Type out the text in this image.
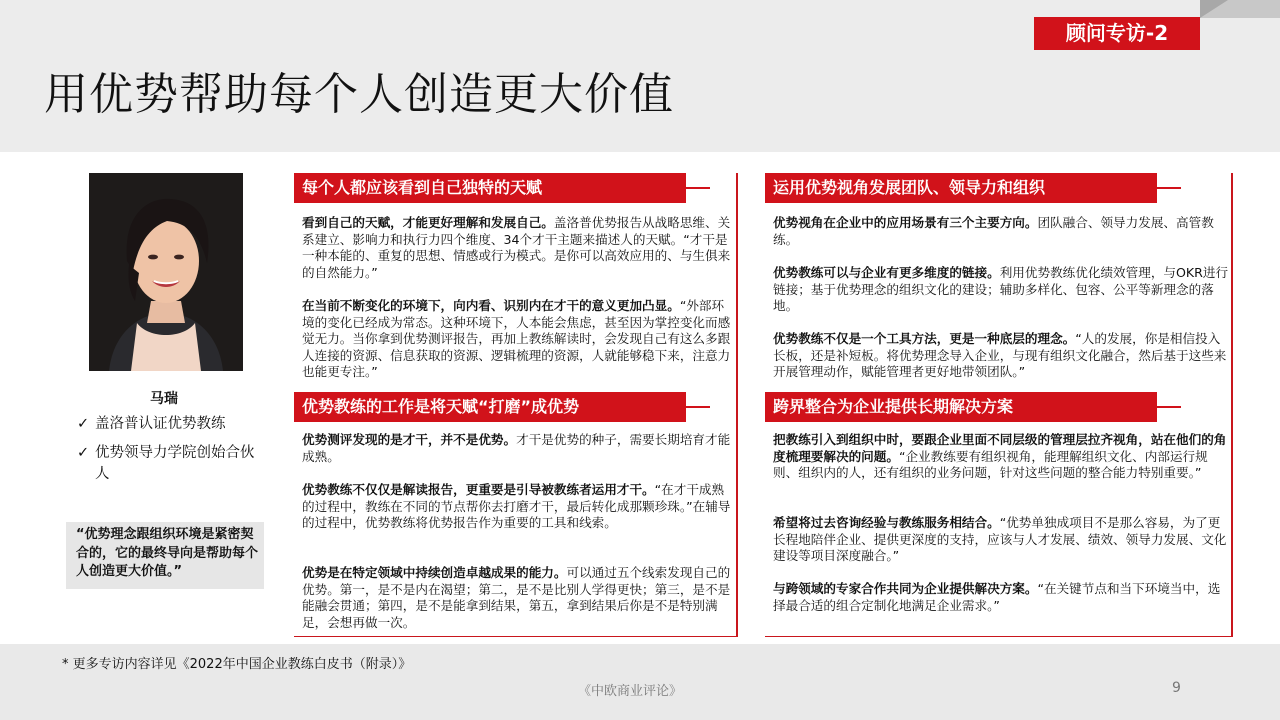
顾问专访-2
用优势帮助每个人创造更大价值
马瑞
✓ 盖洛普认证优势教练
✓ 优势领导力学院创始合伙人
“优势理念跟组织环境是紧密契合的，它的最终导向是帮助每个人创造更大价值。”
每个人都应该看到自己独特的天赋
看到自己的天赋，才能更好理解和发展自己。盖洛普优势报告从战略思维、关系建立、影响力和执行力四个维度、34个才干主题来描述人的天赋。“才干是一种本能的、重复的思想、情感或行为模式。是你可以高效应用的、与生俱来的自然能力。”
在当前不断变化的环境下，向内看、识别内在才干的意义更加凸显。“外部环境的变化已经成为常态。这种环境下，人本能会焦虑，甚至因为掌控变化而感觉无力。当你拿到优势测评报告，再加上教练解读时，会发现自己有这么多跟人连接的资源、信息获取的资源、逻辑梳理的资源，人就能够稳下来，注意力也能更专注。”
优势教练的工作是将天赋“打磨”成优势
优势测评发现的是才干，并不是优势。才干是优势的种子，需要长期培育才能成熟。
优势教练不仅仅是解读报告，更重要是引导被教练者运用才干。“在才干成熟的过程中，教练在不同的节点帮你去打磨才干，最后转化成那颗珍珠。”在辅导的过程中，优势教练将优势报告作为重要的工具和线索。
优势是在特定领域中持续创造卓越成果的能力。可以通过五个线索发现自己的优势。第一，是不是内在渴望；第二，是不是比别人学得更快；第三，是不是能融会贯通；第四，是不是能拿到结果，第五，拿到结果后你是不是特别满足，会想再做一次。
运用优势视角发展团队、领导力和组织
优势视角在企业中的应用场景有三个主要方向。团队融合、领导力发展、高管教练。
优势教练可以与企业有更多维度的链接。利用优势教练优化绩效管理，与OKR进行链接；基于优势理念的组织文化的建设；辅助多样化、包容、公平等新理念的落地。
优势教练不仅是一个工具方法，更是一种底层的理念。“人的发展，你是相信投入长板，还是补短板。将优势理念导入企业，与现有组织文化融合，然后基于这些来开展管理动作，赋能管理者更好地带领团队。”
跨界整合为企业提供长期解决方案
把教练引入到组织中时，要跟企业里面不同层级的管理层拉齐视角，站在他们的角度梳理要解决的问题。“企业教练要有组织视角，能理解组织文化、内部运行规则、组织内的人，还有组织的业务问题，针对这些问题的整合能力特别重要。”
希望将过去咨询经验与教练服务相结合。“优势单独成项目不是那么容易，为了更长程地陪伴企业、提供更深度的支持，应该与人才发展、绩效、领导力发展、文化建设等项目深度融合。”
与跨领域的专家合作共同为企业提供解决方案。“在关键节点和当下环境当中，选择最合适的组合定制化地满足企业需求。”
* 更多专访内容详见《2022年中国企业教练白皮书（附录）》
《中欧商业评论》	9
